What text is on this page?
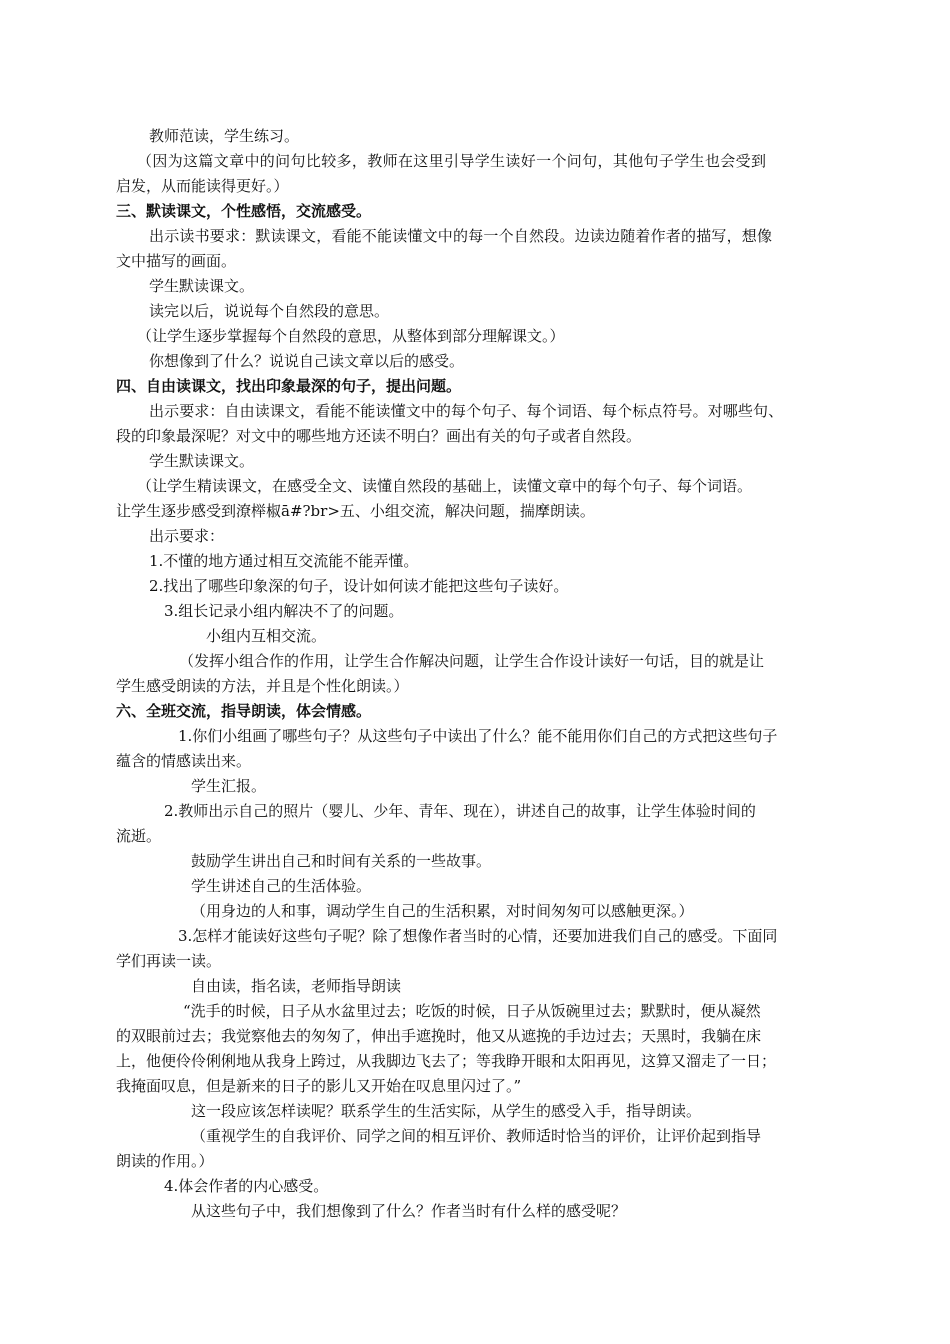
教师范读，学生练习。
（因为这篇文章中的问句比较多，教师在这里引导学生读好一个问句，其他句子学生也会受到
启发，从而能读得更好。）
三、默读课文，个性感悟，交流感受。
出示读书要求：默读课文，看能不能读懂文中的每一个自然段。边读边随着作者的描写，想像
文中描写的画面。
学生默读课文。
读完以后，说说每个自然段的意思。
（让学生逐步掌握每个自然段的意思，从整体到部分理解课文。）
你想像到了什么？说说自己读文章以后的感受。
四、自由读课文，找出印象最深的句子，提出问题。
出示要求：自由读课文，看能不能读懂文中的每个句子、每个词语、每个标点符号。对哪些句、
段的印象最深呢？对文中的哪些地方还读不明白？画出有关的句子或者自然段。
学生默读课文。
（让学生精读课文，在感受全文、读懂自然段的基础上，读懂文章中的每个句子、每个词语。
让学生逐步感受到潦榉椒ā#?br>五、小组交流，解决问题，揣摩朗读。
出示要求：
1.不懂的地方通过相互交流能不能弄懂。
2.找出了哪些印象深的句子，设计如何读才能把这些句子读好。
3.组长记录小组内解决不了的问题。
小组内互相交流。
（发挥小组合作的作用，让学生合作解决问题，让学生合作设计读好一句话，目的就是让
学生感受朗读的方法，并且是个性化朗读。）
六、全班交流，指导朗读，体会情感。
1.你们小组画了哪些句子？从这些句子中读出了什么？能不能用你们自己的方式把这些句子
蕴含的情感读出来。
学生汇报。
2.教师出示自己的照片（婴儿、少年、青年、现在），讲述自己的故事，让学生体验时间的
流逝。
鼓励学生讲出自己和时间有关系的一些故事。
学生讲述自己的生活体验。
（用身边的人和事，调动学生自己的生活积累，对时间匆匆可以感触更深。）
3.怎样才能读好这些句子呢？除了想像作者当时的心情，还要加进我们自己的感受。下面同
学们再读一读。
自由读，指名读，老师指导朗读
“洗手的时候，日子从水盆里过去；吃饭的时候，日子从饭碗里过去；默默时，便从凝然
的双眼前过去；我觉察他去的匆匆了，伸出手遮挽时，他又从遮挽的手边过去；天黑时，我躺在床
上，他便伶伶俐俐地从我身上跨过，从我脚边飞去了；等我睁开眼和太阳再见，这算又溜走了一日；
我掩面叹息，但是新来的日子的影儿又开始在叹息里闪过了。”
这一段应该怎样读呢？联系学生的生活实际，从学生的感受入手，指导朗读。
（重视学生的自我评价、同学之间的相互评价、教师适时恰当的评价，让评价起到指导
朗读的作用。）
4.体会作者的内心感受。
从这些句子中，我们想像到了什么？作者当时有什么样的感受呢？
